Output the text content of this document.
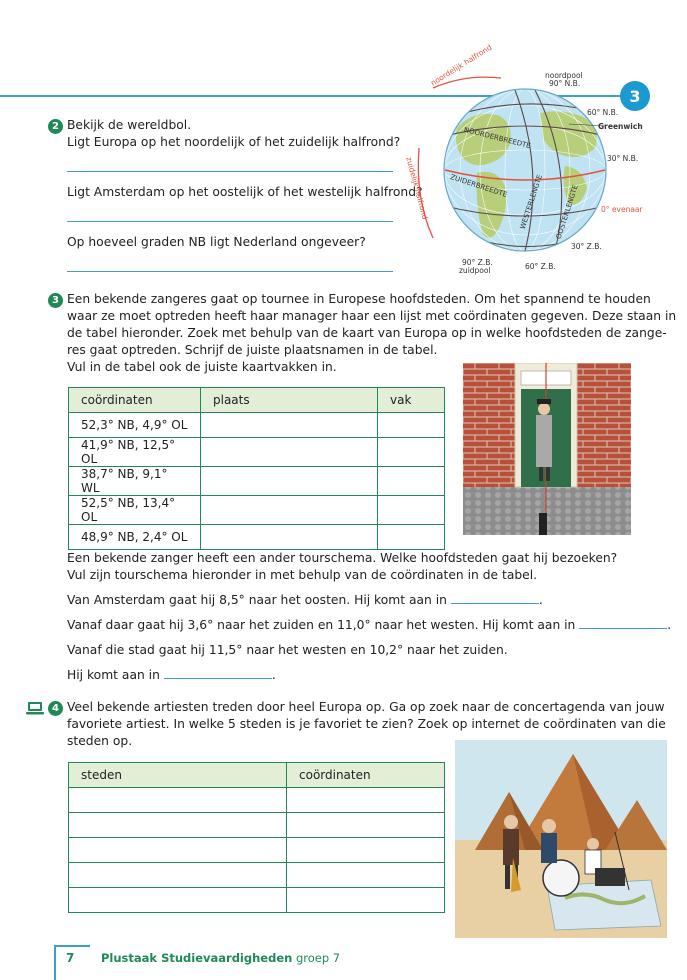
3
2 Bekijk de wereldbol.
Ligt Europa op het noordelijk of het zuidelijk halfrond?
Ligt Amsterdam op het oostelijk of het westelijk halfrond?
Op hoeveel graden NB ligt Nederland ongeveer?
noordpool
90° N.B.
60° N.B.
Greenwich
30° N.B.
0° evenaar
30° Z.B.
60° Z.B.
90° Z.B.
zuidpool
noordelijk halfrond
zuidelijk halfrond
NOORDERBREEDTE
ZUIDERBREEDTE WESTERLENGTE OOSTERLENGTE
3 Een bekende zangeres gaat op tournee in Europese hoofdsteden. Om het spannend te houden
waar ze moet optreden heeft haar manager haar een lijst met coördinaten gegeven. Deze staan in
de tabel hieronder. Zoek met behulp van de kaart van Europa op in welke hoofdsteden de zange-
res gaat optreden. Schrijf de juiste plaatsnamen in de tabel.
Vul in de tabel ook de juiste kaartvakken in.
coördinaten	plaats	vak
52,3° NB, 4,9° OL		
41,9° NB, 12,5° OL		
38,7° NB, 9,1° WL		
52,5° NB, 13,4° OL		
48,9° NB, 2,4° OL		
Een bekende zanger heeft een ander tourschema. Welke hoofdsteden gaat hij bezoeken?
Vul zijn tourschema hieronder in met behulp van de coördinaten in de tabel.
Van Amsterdam gaat hij 8,5° naar het oosten. Hij komt aan in	.
Vanaf daar gaat hij 3,6° naar het zuiden en 11,0° naar het westen. Hij komt aan in	.
Vanaf die stad gaat hij 11,5° naar het westen en 10,2° naar het zuiden.
Hij komt aan in	.
4 Veel bekende artiesten treden door heel Europa op. Ga op zoek naar de concertagenda van jouw
favoriete artiest. In welke 5 steden is je favoriet te zien? Zoek op internet de coördinaten van die
steden op.
steden	coördinaten

7 Plustaak Studievaardigheden groep 7
